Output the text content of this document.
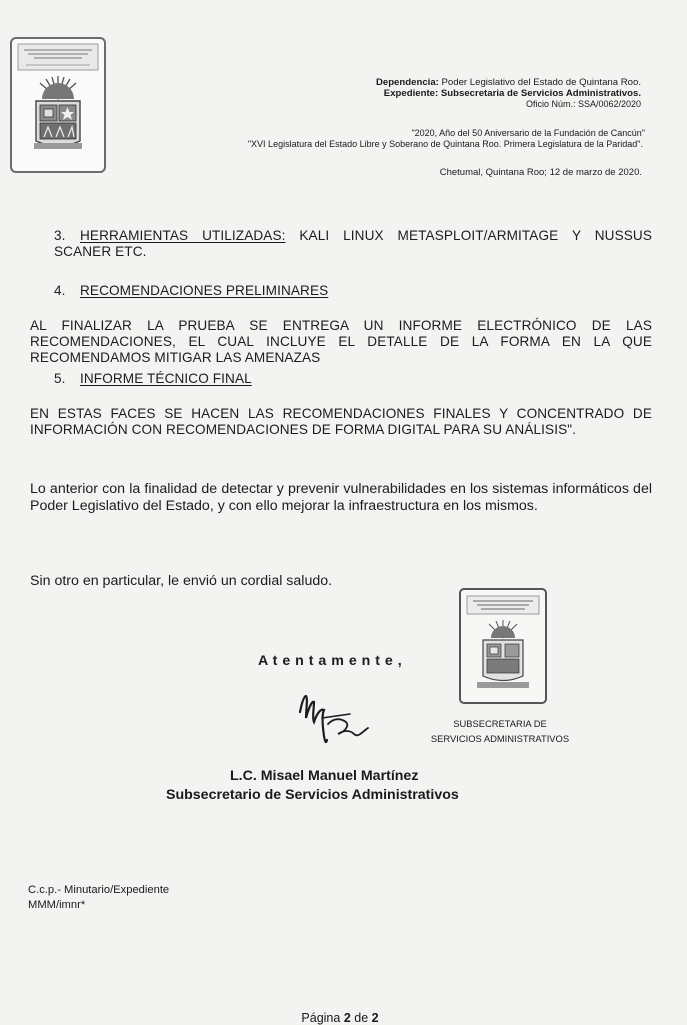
Dependencia: Poder Legislativo del Estado de Quintana Roo.
Expediente: Subsecretaria de Servicios Administrativos.
Oficio Núm.: SSA/0062/2020
"2020, Año del 50 Aniversario de la Fundación de Cancún"
"XVI Legislatura del Estado Libre y Soberano de Quintana Roo. Primera Legislatura de la Paridad".
Chetumal, Quintana Roo; 12 de marzo de 2020.
3. HERRAMIENTAS UTILIZADAS: KALI LINUX METASPLOIT/ARMITAGE Y NUSSUS SCANER ETC.
4. RECOMENDACIONES PRELIMINARES
AL FINALIZAR LA PRUEBA SE ENTREGA UN INFORME ELECTRÓNICO DE LAS RECOMENDACIONES, EL CUAL INCLUYE EL DETALLE DE LA FORMA EN LA QUE RECOMENDAMOS MITIGAR LAS AMENAZAS
5. INFORME TÉCNICO FINAL
EN ESTAS FACES SE HACEN LAS RECOMENDACIONES FINALES Y CONCENTRADO DE INFORMACIÓN CON RECOMENDACIONES DE FORMA DIGITAL PARA SU ANÁLISIS".
Lo anterior con la finalidad de detectar y prevenir vulnerabilidades en los sistemas informáticos del Poder Legislativo del Estado, y con ello mejorar la infraestructura en los mismos.
Sin otro en particular, le envió un cordial saludo.
A t e n t a m e n t e ,
SUBSECRETARIA DE
SERVICIOS ADMINISTRATIVOS
L.C. Misael Manuel Martínez
Subsecretario de Servicios Administrativos
C.c.p.- Minutario/Expediente
MMM/imnr*
Página 2 de 2
